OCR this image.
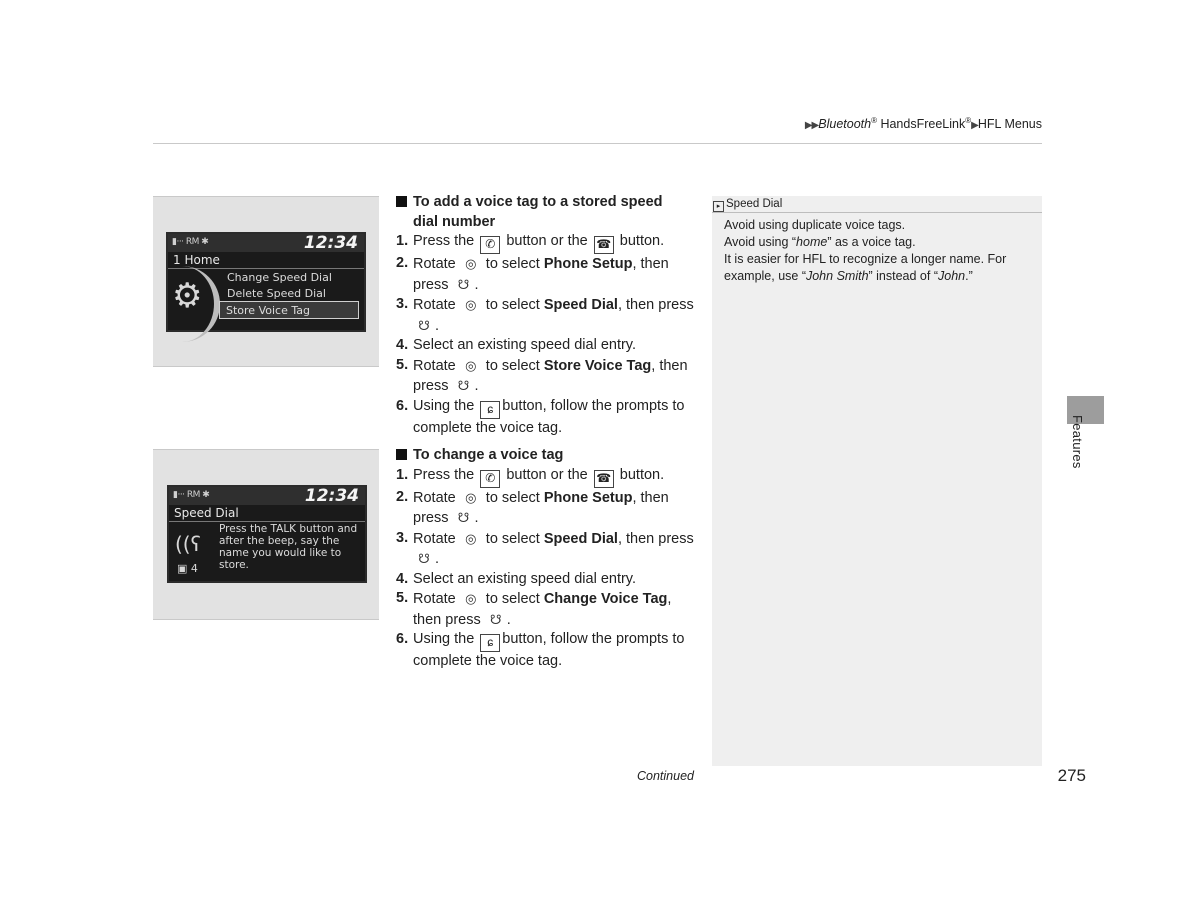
▶▶Bluetooth® HandsFreeLink®▶HFL Menus
▮··· RM ✱	12:34
1 Home
⚙ Change Speed Dial
Delete Speed Dial
Store Voice Tag
▮··· RM ✱	12:34
Speed Dial
((ʕ
▣ 4
Press the TALK button and
after the beep, say the
name you would like to
store.
To add a voice tag to a stored speed
dial number
1. Press the ✆ button or the ☎ button.
2. Rotate ◎ to select Phone Setup, then
press ☋ .
3. Rotate ◎ to select Speed Dial, then press
☋ .
4. Select an existing speed dial entry.
5. Rotate ◎ to select Store Voice Tag, then
press ☋ .
6. Using the ɕ button, follow the prompts to
complete the voice tag.
To change a voice tag
1. Press the ✆ button or the ☎ button.
2. Rotate ◎ to select Phone Setup, then
press ☋ .
3. Rotate ◎ to select Speed Dial, then press
☋ .
4. Select an existing speed dial entry.
5. Rotate ◎ to select Change Voice Tag,
then press ☋ .
6. Using the ɕ button, follow the prompts to
complete the voice tag.
▸ Speed Dial

Avoid using duplicate voice tags.

Avoid using “home” as a voice tag.

It is easier for HFL to recognize a longer name. For

example, use “John Smith” instead of “John.”

Features
Continued	275
